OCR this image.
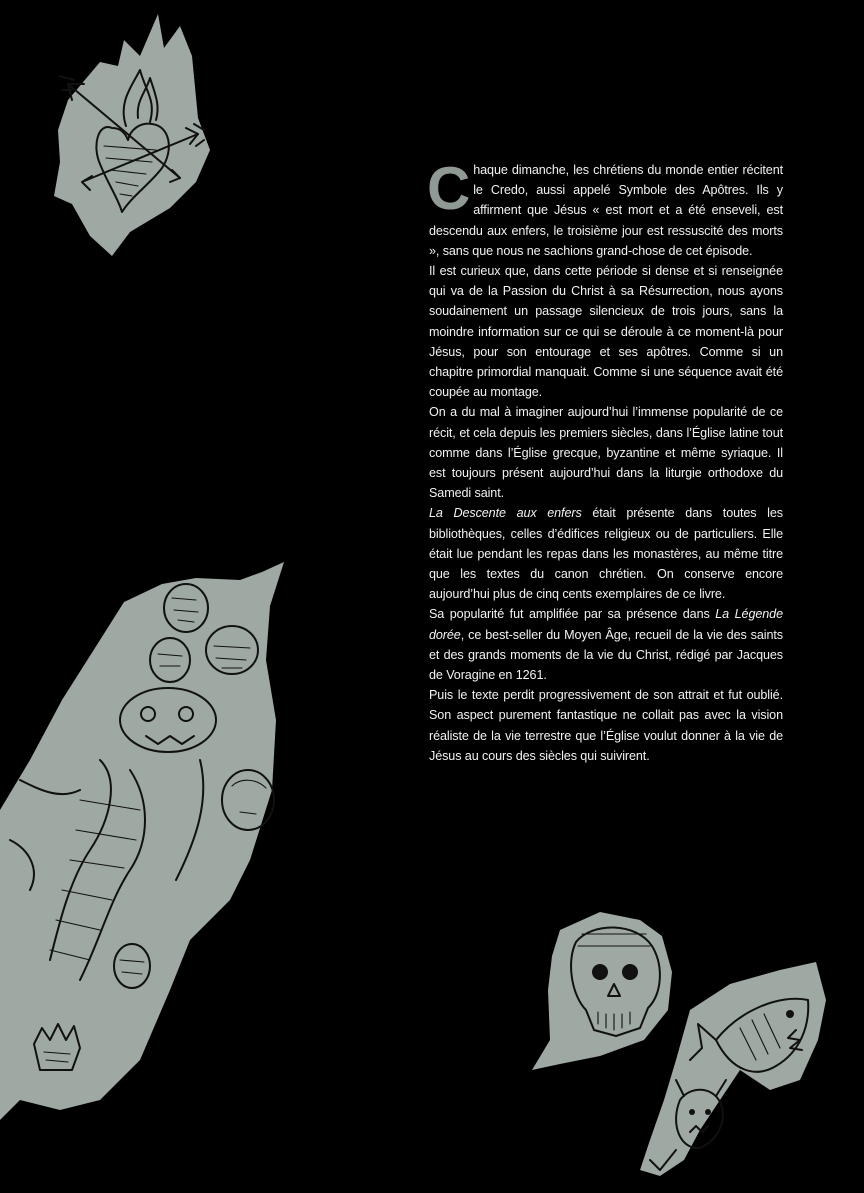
Chaque dimanche, les chrétiens du monde entier récitent le Credo, aussi appelé Symbole des Apôtres. Ils y affirment que Jésus « est mort et a été enseveli, est descendu aux enfers, le troisième jour est ressuscité des morts », sans que nous ne sachions grand-chose de cet épisode.

Il est curieux que, dans cette période si dense et si renseignée qui va de la Passion du Christ à sa Résurrection, nous ayons soudainement un passage silencieux de trois jours, sans la moindre information sur ce qui se déroule à ce moment-là pour Jésus, pour son entourage et ses apôtres. Comme si un chapitre primordial manquait. Comme si une séquence avait été coupée au montage.

On a du mal à imaginer aujourd’hui l’immense popularité de ce récit, et cela depuis les premiers siècles, dans l’Église latine tout comme dans l’Église grecque, byzantine et même syriaque. Il est toujours présent aujourd’hui dans la liturgie orthodoxe du Samedi saint.

La Descente aux enfers était présente dans toutes les bibliothèques, celles d’édifices religieux ou de particuliers. Elle était lue pendant les repas dans les monastères, au même titre que les textes du canon chrétien. On conserve encore aujourd’hui plus de cinq cents exemplaires de ce livre.

Sa popularité fut amplifiée par sa présence dans La Légende dorée, ce best-seller du Moyen Âge, recueil de la vie des saints et des grands moments de la vie du Christ, rédigé par Jacques de Voragine en 1261.

Puis le texte perdit progressivement de son attrait et fut oublié. Son aspect purement fantastique ne collait pas avec la vision réaliste de la vie terrestre que l’Église voulut donner à la vie de Jésus au cours des siècles qui suivirent.
